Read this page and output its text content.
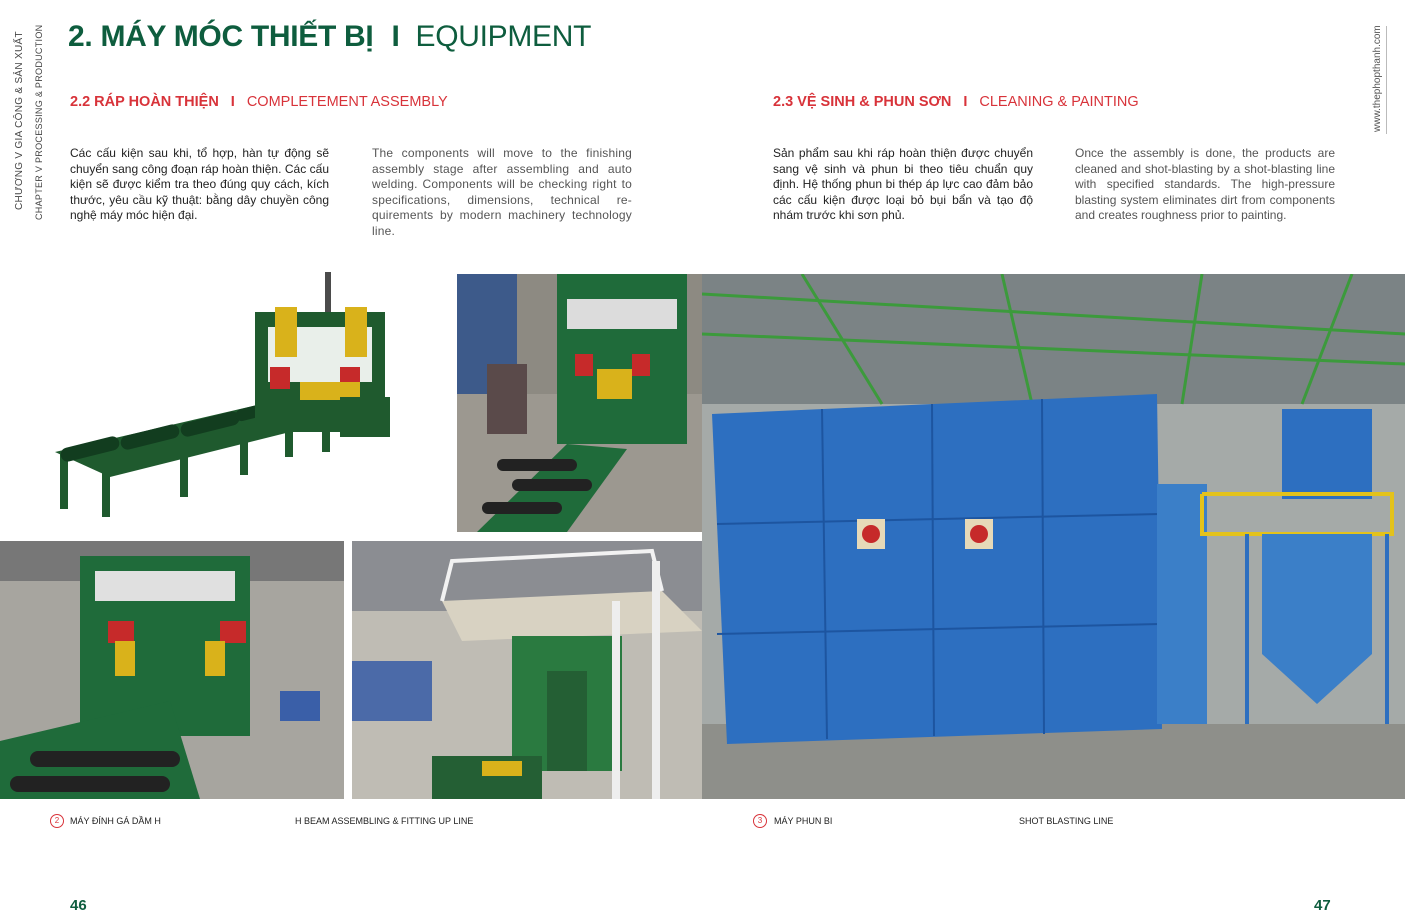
CHƯƠNG V GIA CÔNG & SẢN XUẤT CHAPTER V PROCESSING & PRODUCTION	www.thephopthanh.com
2. MÁY MÓC THIẾT BỊ I EQUIPMENT
2.2 RÁP HOÀN THIỆN I COMPLETEMENT ASSEMBLY	2.3 VỆ SINH & PHUN SƠN I CLEANING & PAINTING
Các cấu kiện sau khi, tổ hợp, hàn tự động sẽ chuyển sang công đoạn ráp hoàn thiện. Các cấu kiện sẽ được kiểm tra theo đúng quy cách, kích thước, yêu cầu kỹ thuật: bằng dây chuyền công nghệ máy móc hiện đại.
The components will move to the finishing assembly stage after assembling and auto welding. Components will be checking right to specifications, dimensions, technical re-quirements by modern machinery technology line.
Sản phẩm sau khi ráp hoàn thiện được chuyển sang vệ sinh và phun bi theo tiêu chuẩn quy định. Hệ thống phun bi thép áp lực cao đảm bảo các cấu kiện được loại bỏ bụi bẩn và tạo độ nhám trước khi sơn phủ.
Once the assembly is done, the products are cleaned and shot-blasting by a shot-blasting line with specified standards. The high-pressure blasting system eliminates dirt from components and creates roughness prior to painting.
2	MÁY ĐÍNH GÁ DẦM H	H BEAM ASSEMBLING & FITTING UP LINE	3	MÁY PHUN BI	SHOT BLASTING LINE
46	47
